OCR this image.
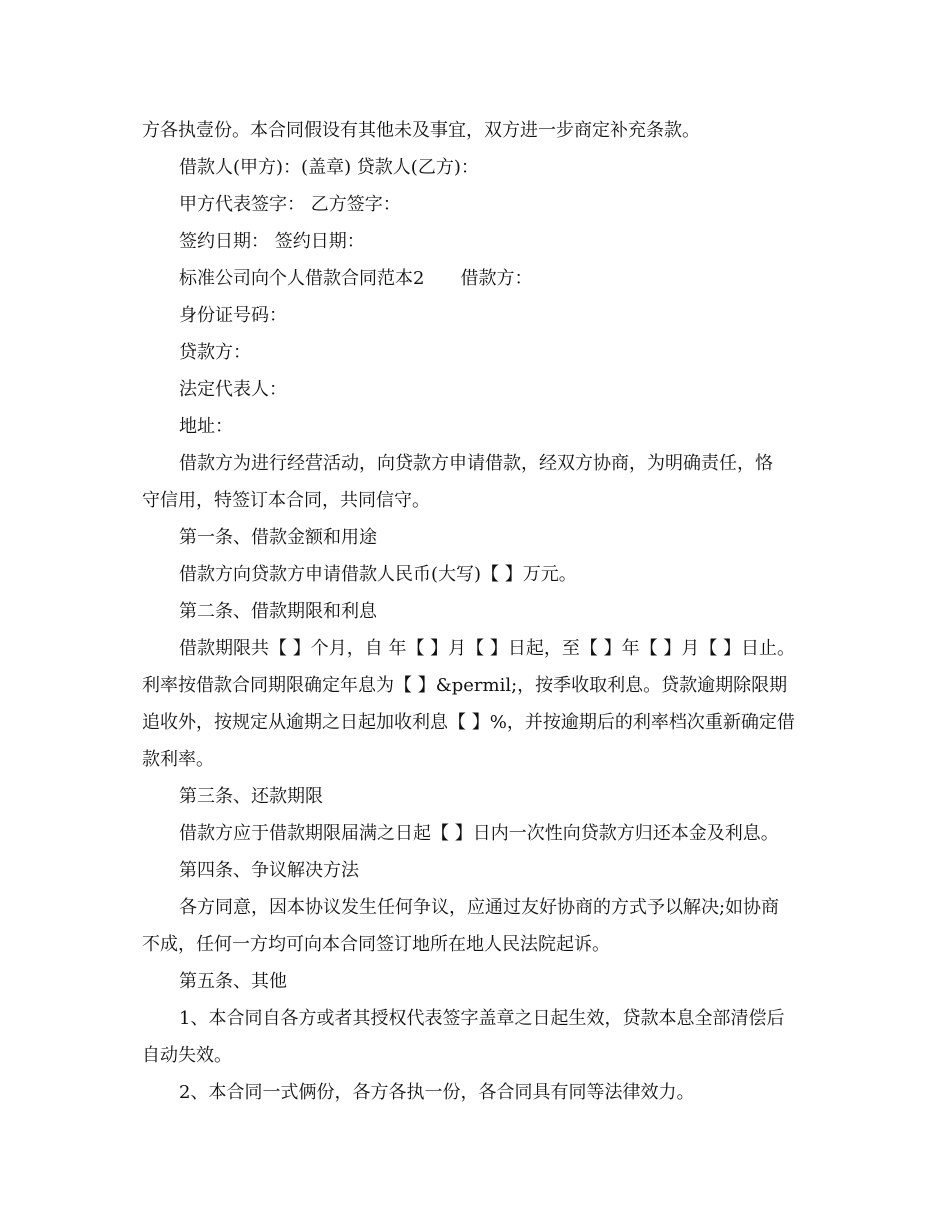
方各执壹份。本合同假设有其他未及事宜，双方进一步商定补充条款。
借款人(甲方)：(盖章) 贷款人(乙方)：
甲方代表签字： 乙方签字：
签约日期： 签约日期：
标准公司向个人借款合同范本2 借款方：
身份证号码：
贷款方：
法定代表人：
地址：
借款方为进行经营活动，向贷款方申请借款，经双方协商，为明确责任，恪
守信用，特签订本合同，共同信守。
第一条、借款金额和用途
借款方向贷款方申请借款人民币(大写)【 】万元。
第二条、借款期限和利息
借款期限共【 】个月，自 年【 】月【 】日起，至【 】年【 】月【 】日止。
利率按借款合同期限确定年息为【 】&permil;，按季收取利息。贷款逾期除限期
追收外，按规定从逾期之日起加收利息【 】%，并按逾期后的利率档次重新确定借
款利率。
第三条、还款期限
借款方应于借款期限届满之日起【 】日内一次性向贷款方归还本金及利息。
第四条、争议解决方法
各方同意，因本协议发生任何争议，应通过友好协商的方式予以解决;如协商
不成，任何一方均可向本合同签订地所在地人民法院起诉。
第五条、其他
1、本合同自各方或者其授权代表签字盖章之日起生效，贷款本息全部清偿后
自动失效。
2、本合同一式俩份，各方各执一份，各合同具有同等法律效力。
